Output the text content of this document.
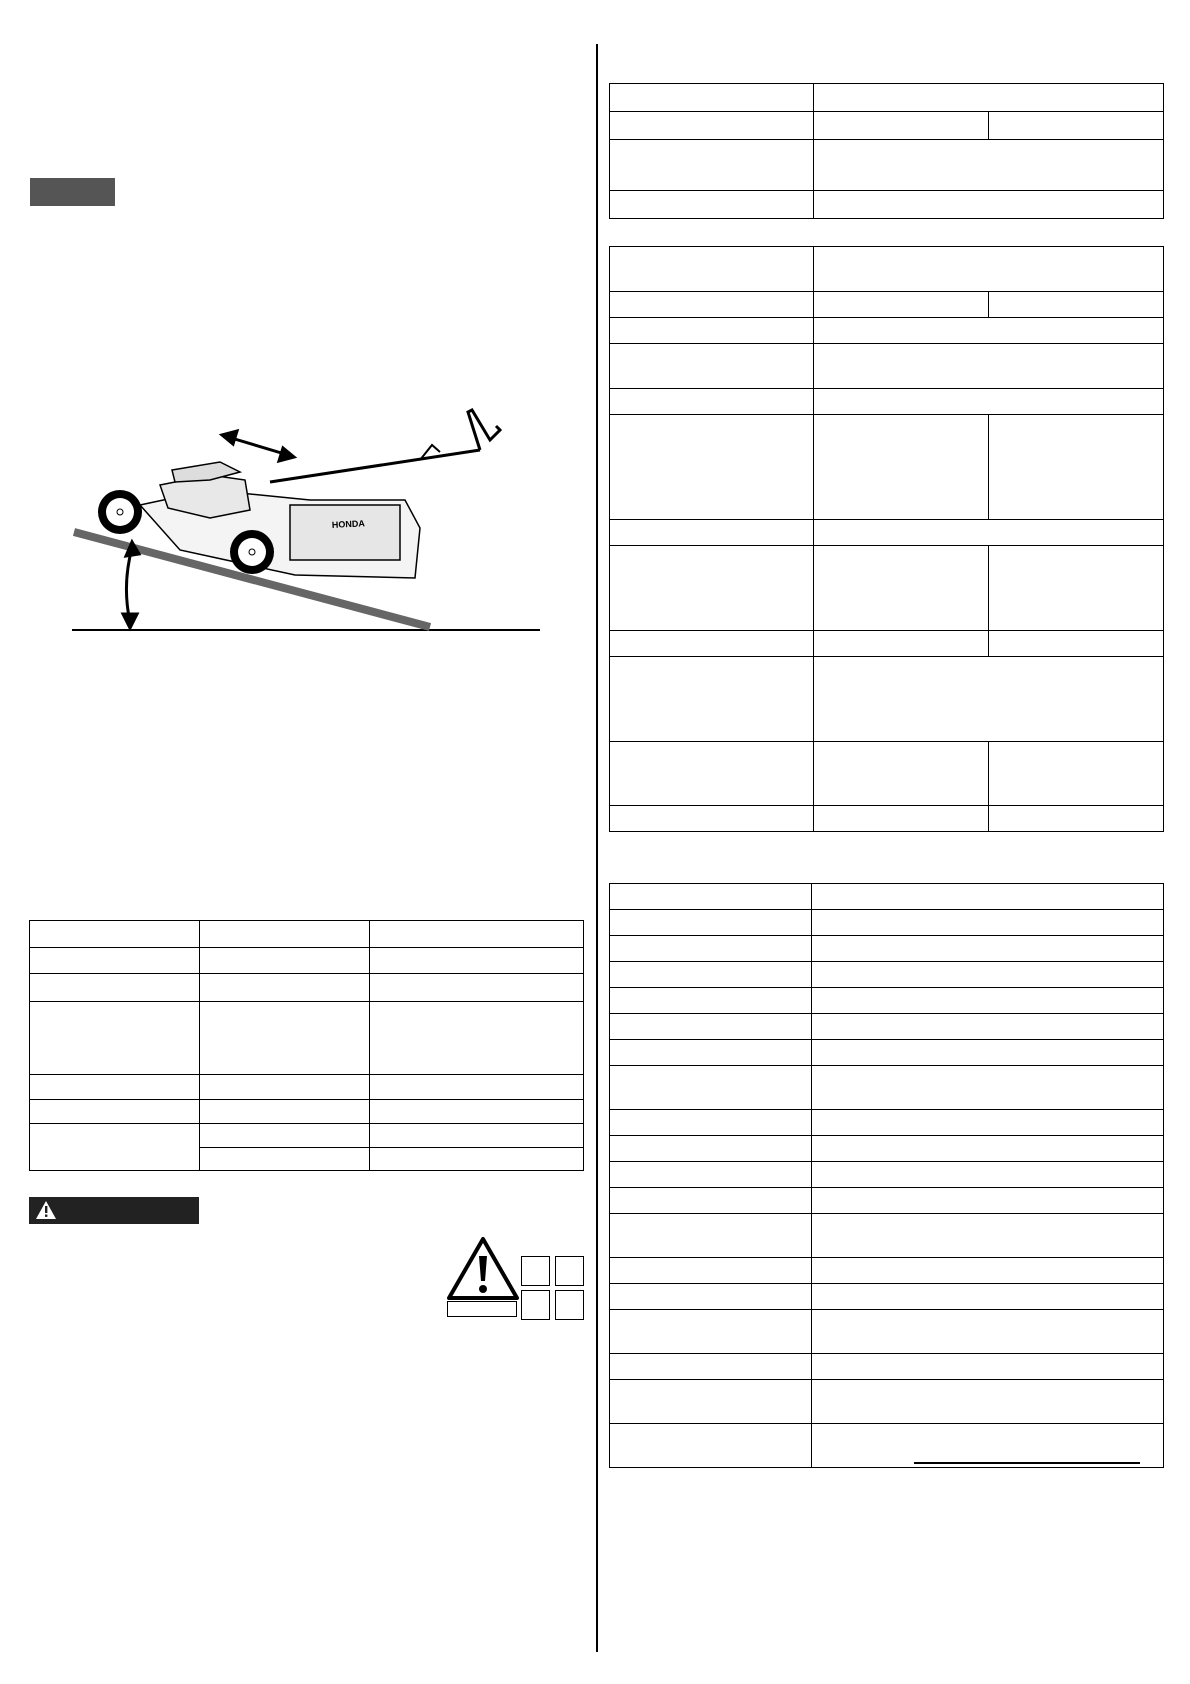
HONDA
